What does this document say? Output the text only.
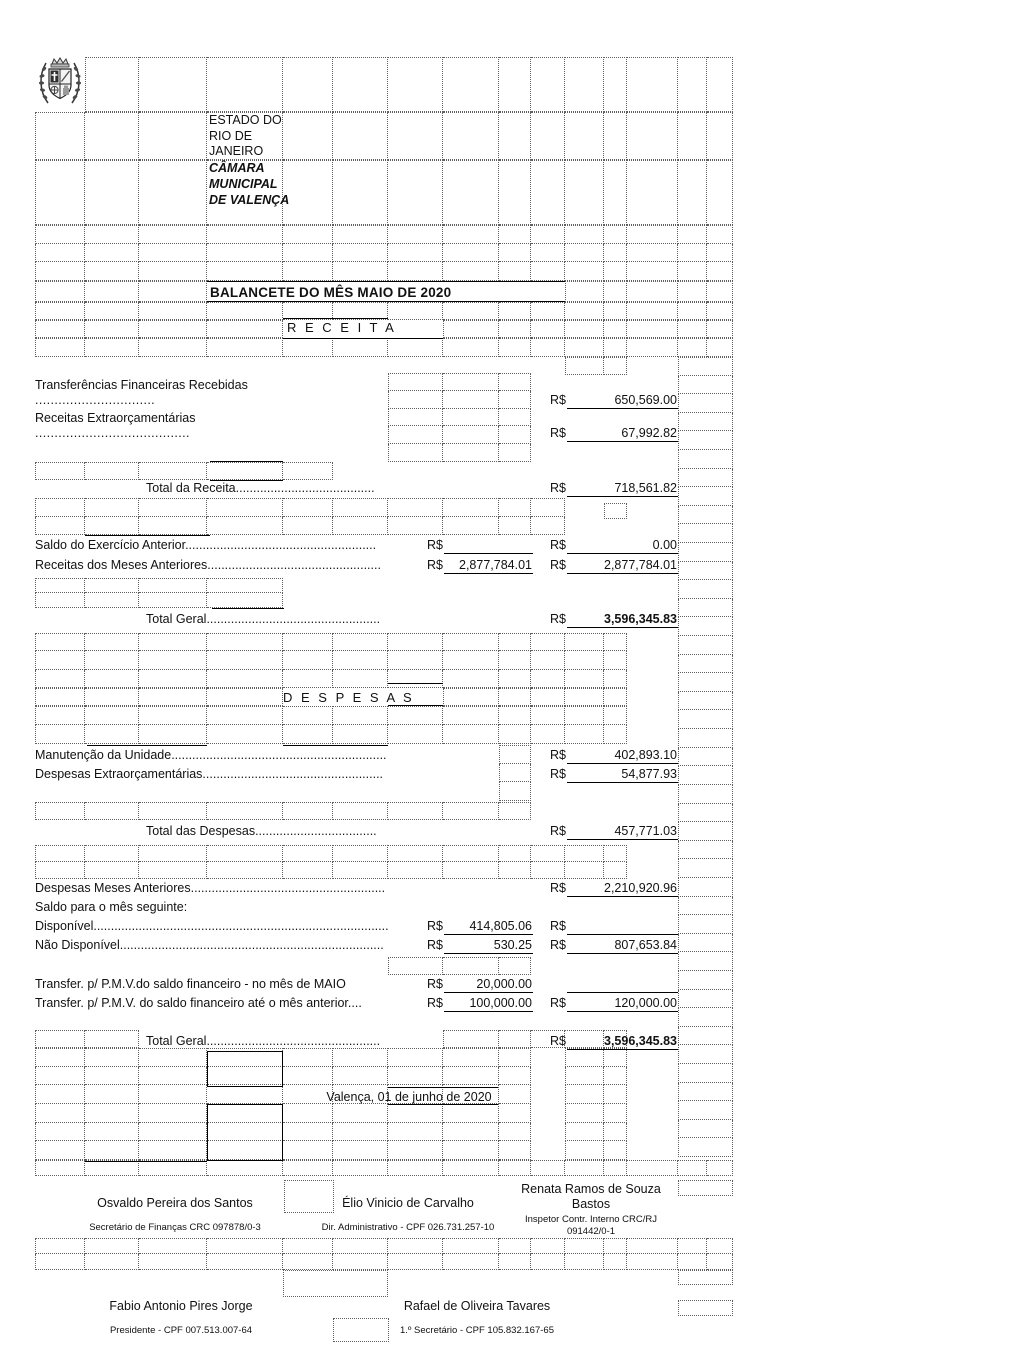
ESTADO DO RIO DE JANEIRO
CÂMARA MUNICIPAL DE VALENÇA
BALANCETE DO MÊS MAIO DE 2020
R E C E I T A
D E S P E S A S
Valença, 01 de junho de 2020
Transferências Financeiras Recebidas
...............................	R$	650,569.00
Receitas Extraorçamentárias
........................................	R$	67,992.82
Total da Receita........................................	R$	718,561.82
Saldo do Exercício Anterior.......................................................	R$	R$	0.00
Receitas dos Meses Anteriores..................................................	R$	2,877,784.01 R$	2,877,784.01
Total Geral..................................................	R$	3,596,345.83
Manutenção da Unidade..............................................................	R$	402,893.10
Despesas Extraorçamentárias....................................................	R$	54,877.93
Total das Despesas...................................	R$	457,771.03
Despesas Meses Anteriores........................................................	R$	2,210,920.96
Saldo para o mês seguinte:
Disponível.....................................................................................	R$	414,805.06 R$
Não Disponível............................................................................	R$	530.25 R$	807,653.84
Transfer. p/ P.M.V.do saldo financeiro - no mês de MAIO	R$	20,000.00
Transfer. p/ P.M.V. do saldo financeiro até o mês anterior....	R$	100,000.00 R$	120,000.00
Total Geral..................................................	R$	3,596,345.83
Osvaldo Pereira dos Santos
Secretário de Finanças CRC 097878/0-3
Élio Vinicio de Carvalho
Dir. Administrativo - CPF 026.731.257-10
Renata Ramos de Souza Bastos
Inspetor Contr. Interno CRC/RJ 091442/0-1
Fabio Antonio Pires Jorge
Presidente - CPF 007.513.007-64
Rafael de Oliveira Tavares
1.º Secretário - CPF 105.832.167-65
